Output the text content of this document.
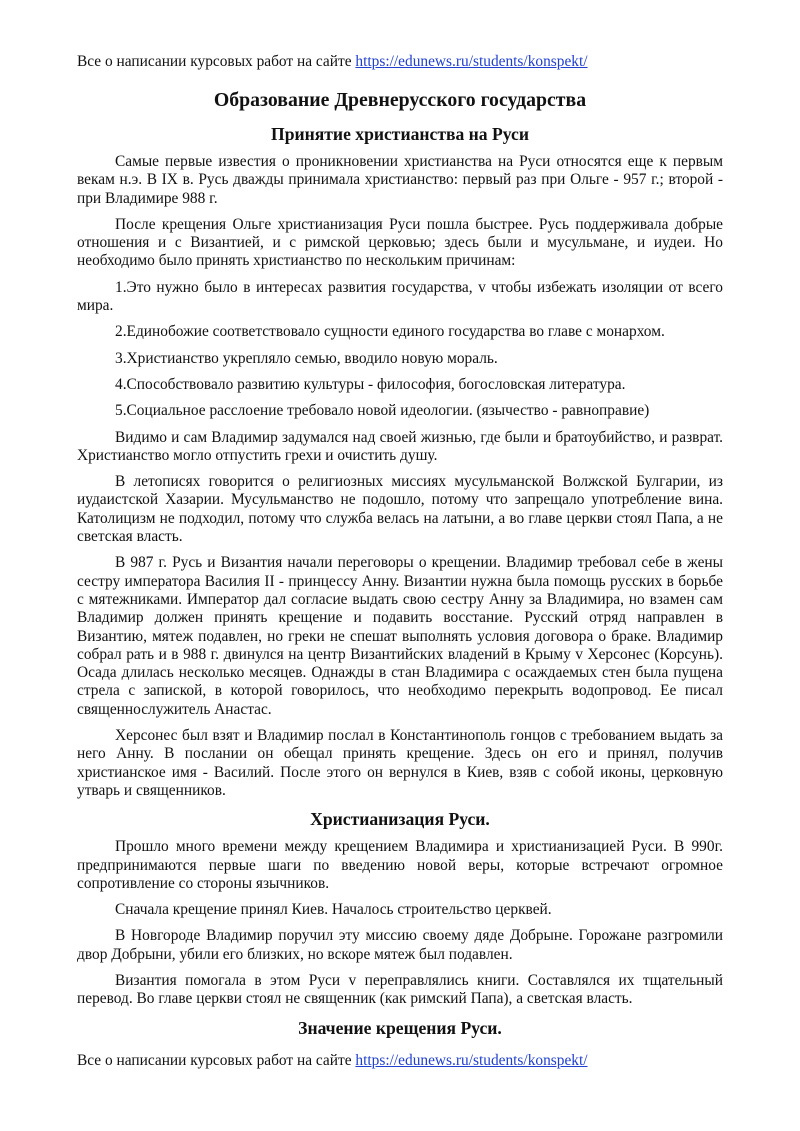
Все о написании курсовых работ на сайте https://edunews.ru/students/konspekt/
Образование Древнерусского государства
Принятие христианства на Руси

Самые первые известия о проникновении христианства на Руси относятся еще к первым векам н.э. В IX в. Русь дважды принимала христианство: первый раз при Ольге - 957 г.; второй - при Владимире 988 г.

После крещения Ольге христианизация Руси пошла быстрее. Русь поддерживала добрые отношения и с Византией, и с римской церковью; здесь были и мусульмане, и иудеи. Но необходимо было принять христианство по нескольким причинам:

1.Это нужно было в интересах развития государства, v чтобы избежать изоляции от всего мира.

2.Единобожие соответствовало сущности единого государства во главе с монархом.

3.Христианство укрепляло семью, вводило новую мораль.

4.Способствовало развитию культуры - философия, богословская литература.

5.Социальное расслоение требовало новой идеологии. (язычество - равноправие)

Видимо и сам Владимир задумался над своей жизнью, где были и братоубийство, и разврат. Христианство могло отпустить грехи и очистить душу.

В летописях говорится о религиозных миссиях мусульманской Волжской Булгарии, из иудаистской Хазарии. Мусульманство не подошло, потому что запрещало употребление вина. Католицизм не подходил, потому что служба велась на латыни, а во главе церкви стоял Папа, а не светская власть.

В 987 г. Русь и Византия начали переговоры о крещении. Владимир требовал себе в жены сестру императора Василия II - принцессу Анну. Византии нужна была помощь русских в борьбе с мятежниками. Император дал согласие выдать свою сестру Анну за Владимира, но взамен сам Владимир должен принять крещение и подавить восстание. Русский отряд направлен в Византию, мятеж подавлен, но греки не спешат выполнять условия договора о браке. Владимир собрал рать и в 988 г. двинулся на центр Византийских владений в Крыму v Херсонес (Корсунь). Осада длилась несколько месяцев. Однажды в стан Владимира с осаждаемых стен была пущена стрела с запиской, в которой говорилось, что необходимо перекрыть водопровод. Ее писал священнослужитель Анастас.

Херсонес был взят и Владимир послал в Константинополь гонцов с требованием выдать за него Анну. В послании он обещал принять крещение. Здесь он его и принял, получив христианское имя - Василий. После этого он вернулся в Киев, взяв с собой иконы, церковную утварь и священников.

Христианизация Руси.

Прошло много времени между крещением Владимира и христианизацией Руси. В 990г. предпринимаются первые шаги по введению новой веры, которые встречают огромное сопротивление со стороны язычников.

Сначала крещение принял Киев. Началось строительство церквей.

В Новгороде Владимир поручил эту миссию своему дяде Добрыне. Горожане разгромили двор Добрыни, убили его близких, но вскоре мятеж был подавлен.

Византия помогала в этом Руси v переправлялись книги. Составлялся их тщательный перевод. Во главе церкви стоял не священник (как римский Папа), а светская власть.

Значение крещения Руси.
Все о написании курсовых работ на сайте https://edunews.ru/students/konspekt/
